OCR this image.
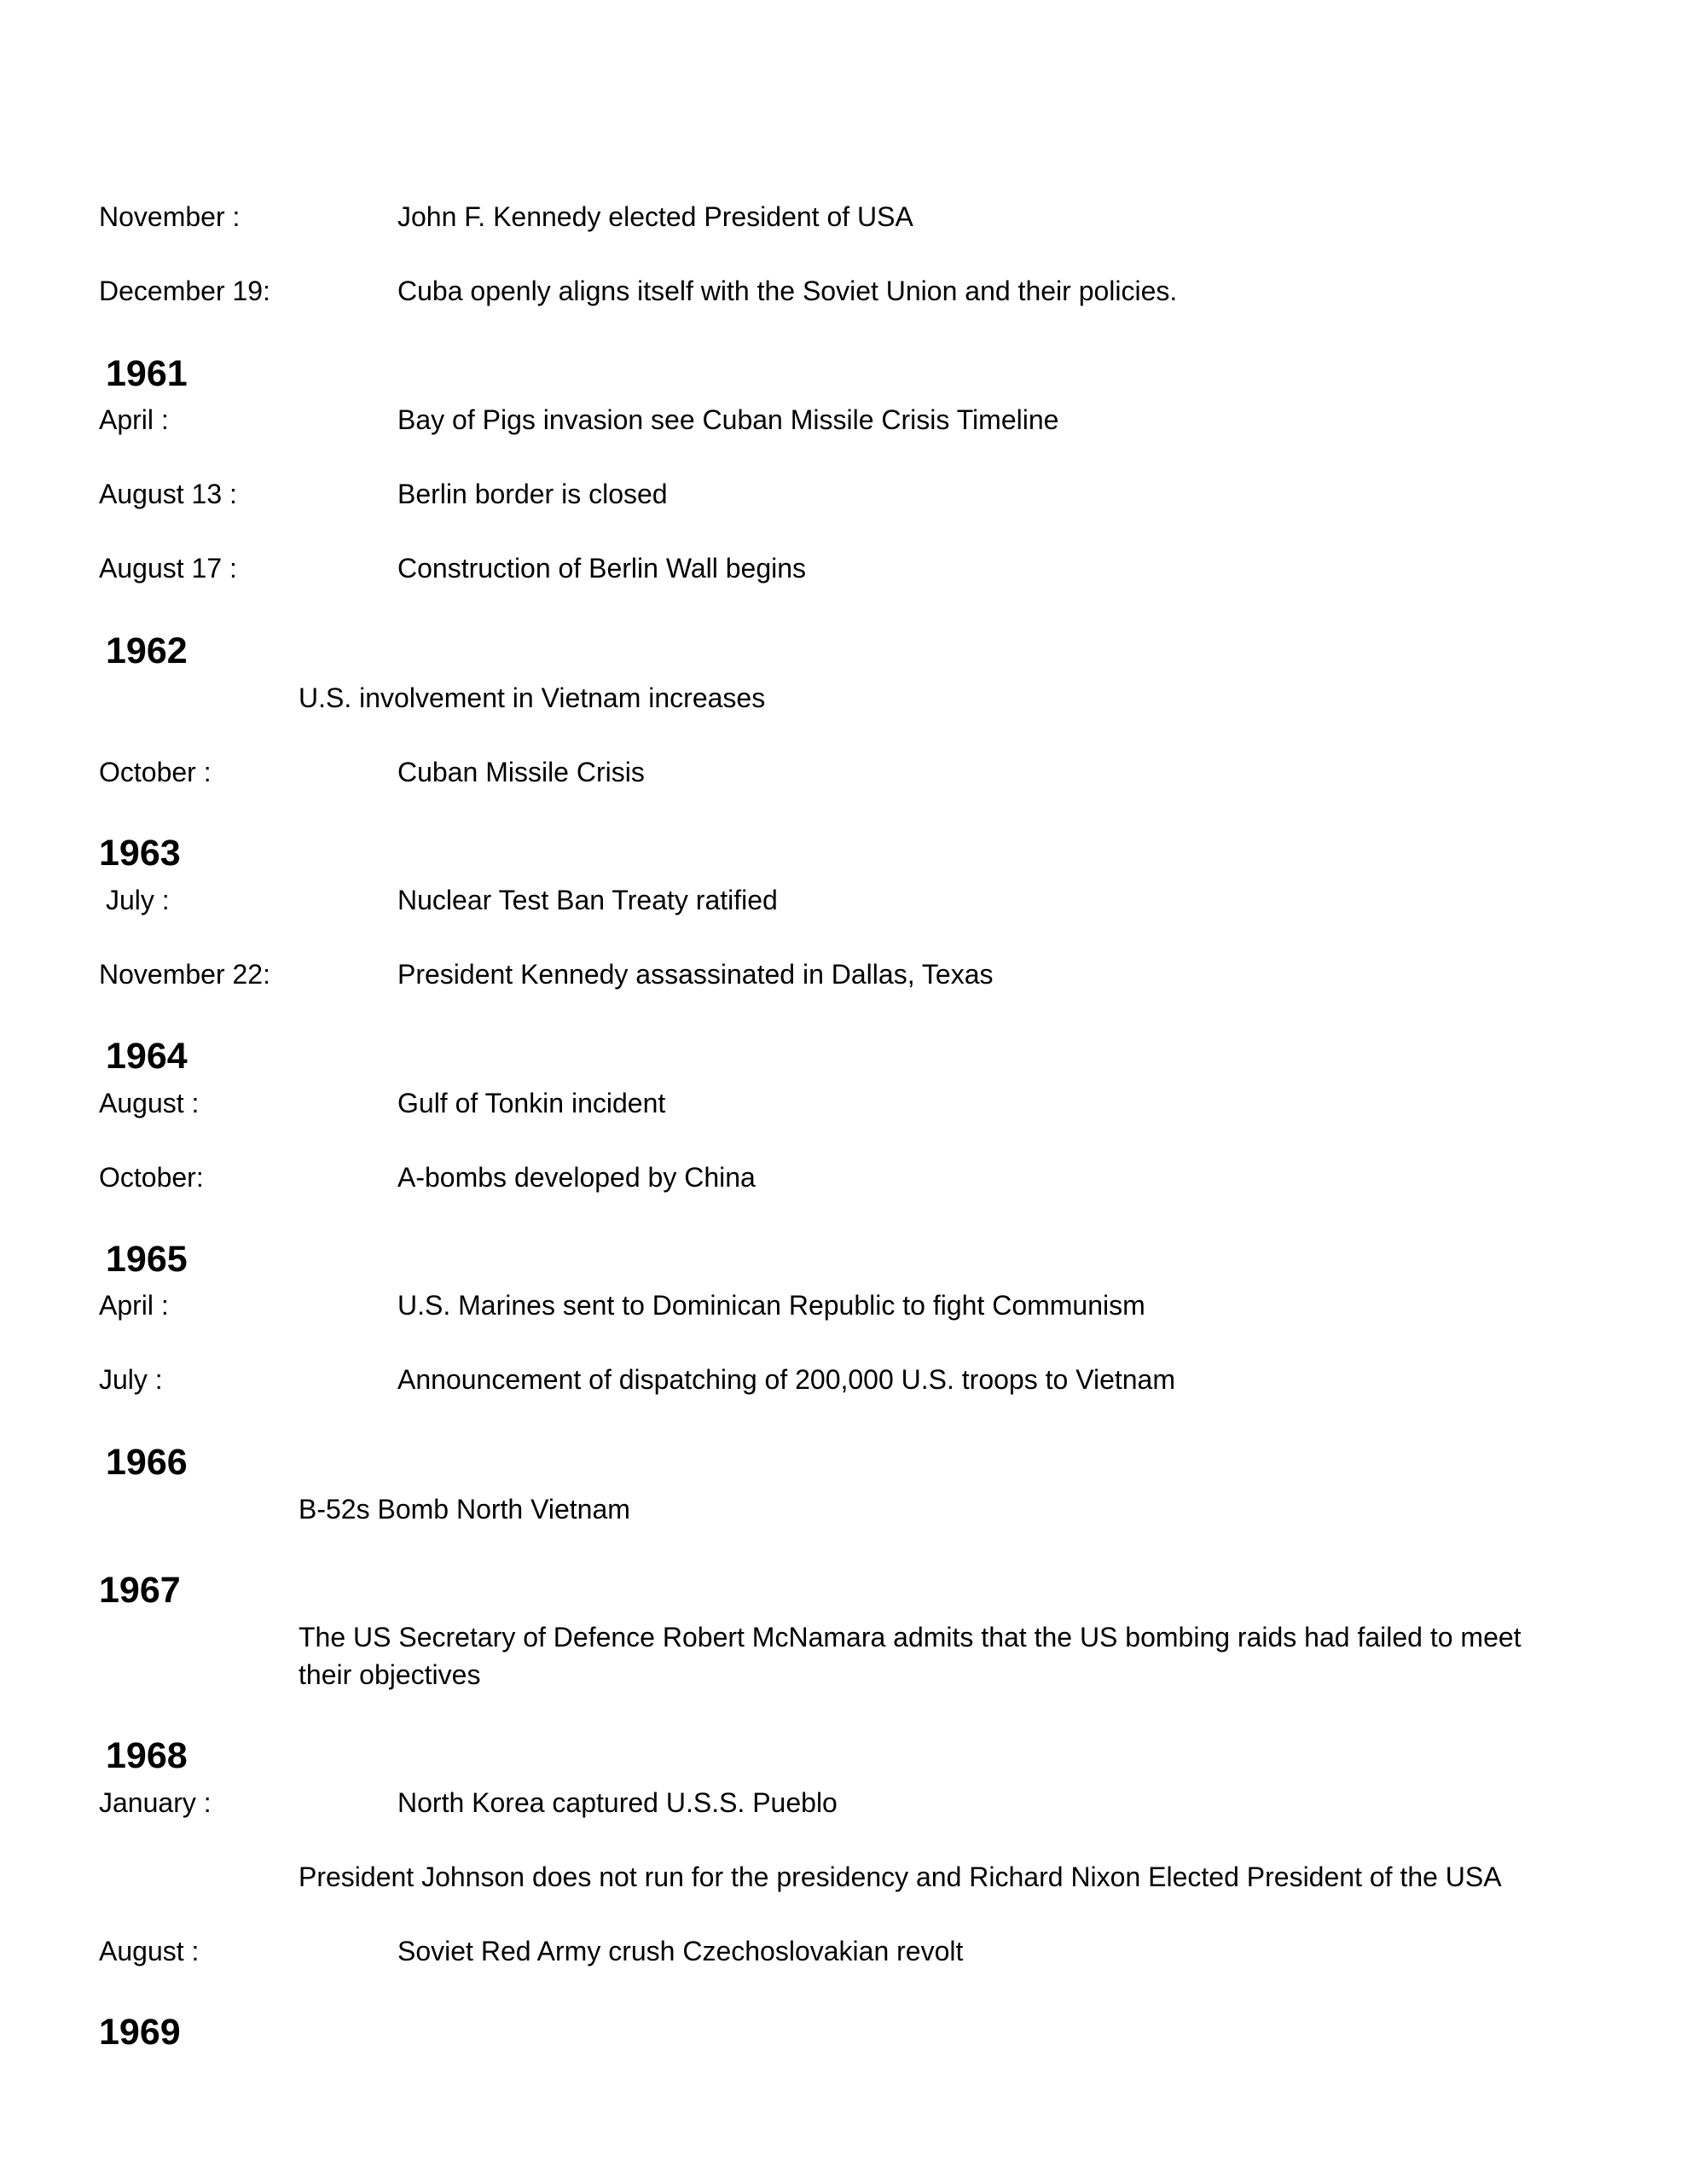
November :	John F. Kennedy elected President of USA
December 19:	Cuba openly aligns itself with the Soviet Union and their policies.
1961
April :	Bay of Pigs invasion see Cuban Missile Crisis Timeline
August 13 :	Berlin border is closed
August 17 :	Construction of Berlin Wall begins
1962
U.S. involvement in Vietnam increases
October :	Cuban Missile Crisis
1963
July :	Nuclear Test Ban Treaty ratified
November 22:	President Kennedy assassinated in Dallas, Texas
1964
August :	Gulf of Tonkin incident
October:	A-bombs developed by China
1965
April :	U.S. Marines sent to Dominican Republic to fight Communism
July :	Announcement of dispatching of 200,000 U.S. troops to Vietnam
1966
B-52s Bomb North Vietnam
1967
The US Secretary of Defence Robert McNamara admits that the US bombing raids had failed to meet their objectives
1968
January :	North Korea captured U.S.S. Pueblo
President Johnson does not run for the presidency and Richard Nixon Elected President of the USA
August :	Soviet Red Army crush Czechoslovakian revolt
1969
